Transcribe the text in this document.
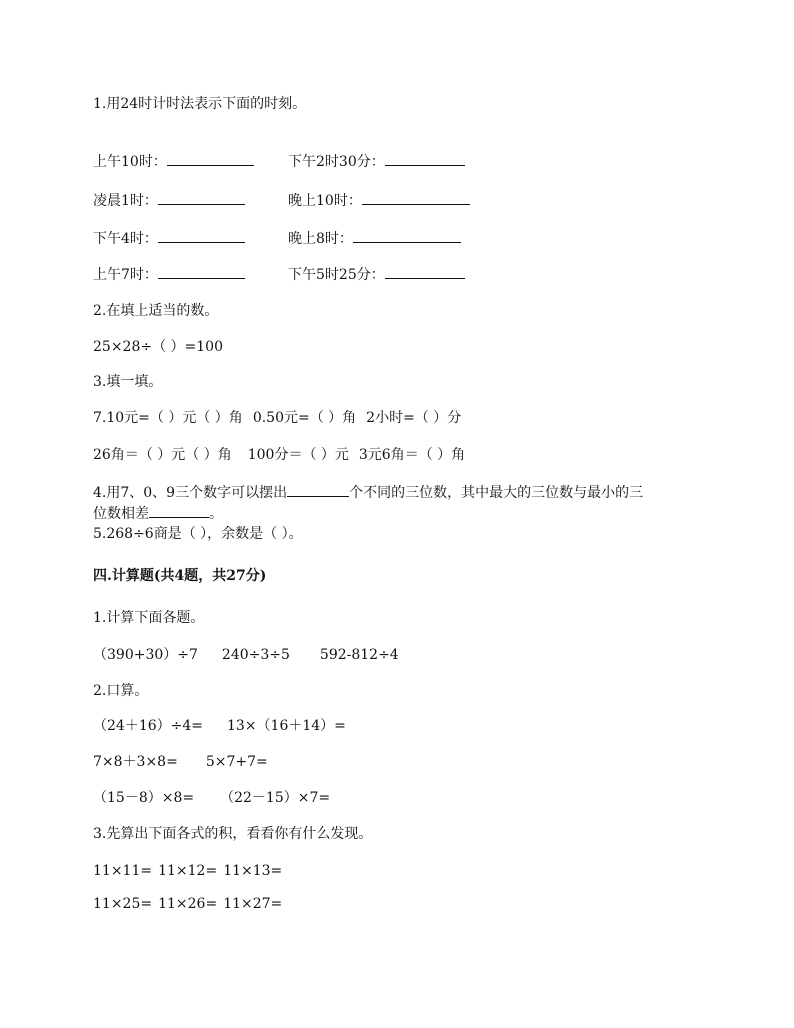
1.用24时计时法表示下面的时刻。
上午10时：	下午2时30分：
凌晨1时：	晚上10时：
下午4时：	晚上8时：
上午7时：	下午5时25分：
2.在填上适当的数。
25×28÷（ ）=100
3.填一填。
7.10元=（ ）元（ ）角 0.50元=（ ）角 2小时=（ ）分
26角＝（ ）元（ ）角 100分＝（ ）元 3元6角＝（ ）角
4.用7、0、9三个数字可以摆出	个不同的三位数，其中最大的三位数与最小的三
位数相差	。
5.268÷6商是（ ），余数是（ ）。
四.计算题(共4题，共27分)
1.计算下面各题。
（390+30）÷7 240÷3÷5 592-812÷4
2.口算。
（24＋16）÷4= 13×（16＋14）=
7×8＋3×8= 5×7+7=
（15－8）×8= （22－15）×7=
3.先算出下面各式的积，看看你有什么发现。
11×11= 11×12= 11×13=
11×25= 11×26= 11×27=
